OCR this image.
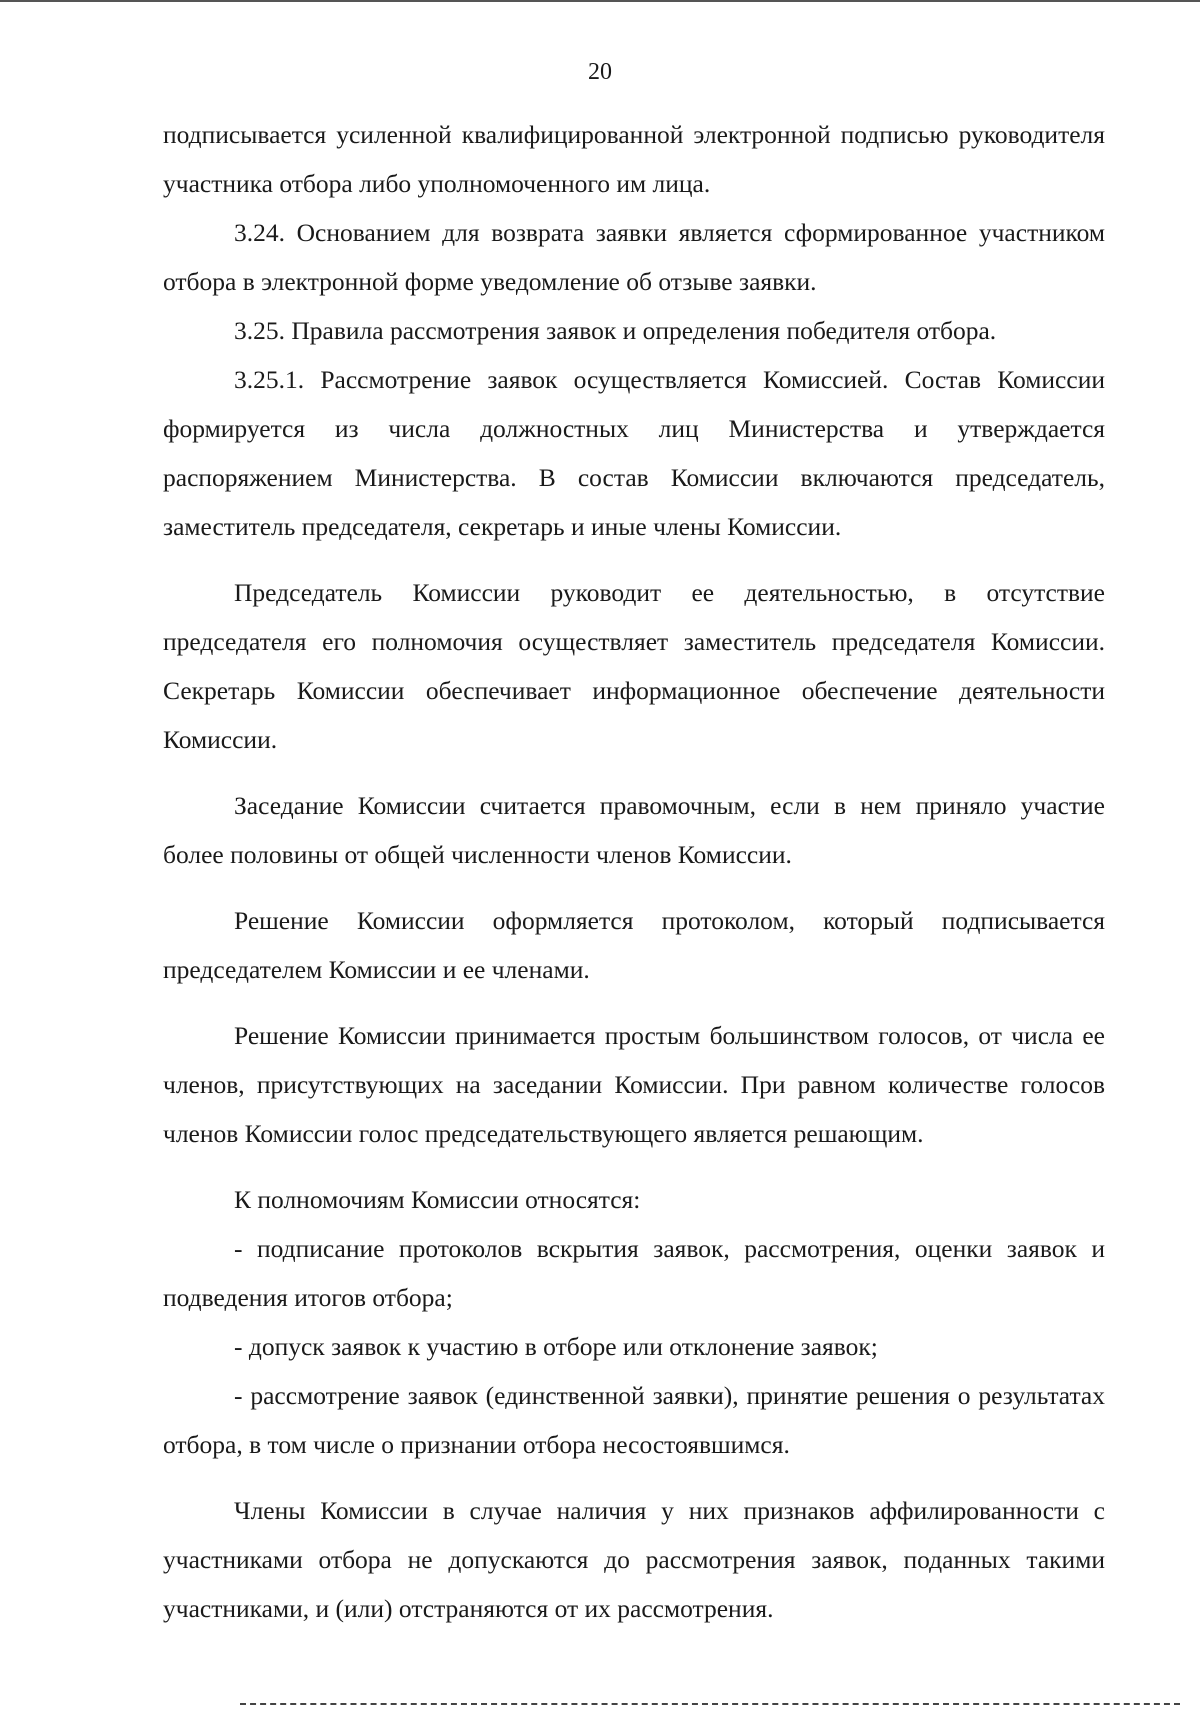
20

подписывается усиленной квалифицированной электронной подписью руководителя участника отбора либо уполномоченного им лица.

3.24. Основанием для возврата заявки является сформированное участником отбора в электронной форме уведомление об отзыве заявки.

3.25. Правила рассмотрения заявок и определения победителя отбора.

3.25.1. Рассмотрение заявок осуществляется Комиссией. Состав Комиссии формируется из числа должностных лиц Министерства и утверждается распоряжением Министерства. В состав Комиссии включаются председатель, заместитель председателя, секретарь и иные члены Комиссии.

Председатель Комиссии руководит ее деятельностью, в отсутствие председателя его полномочия осуществляет заместитель председателя Комиссии. Секретарь Комиссии обеспечивает информационное обеспечение деятельности Комиссии.

Заседание Комиссии считается правомочным, если в нем приняло участие более половины от общей численности членов Комиссии.

Решение Комиссии оформляется протоколом, который подписывается председателем Комиссии и ее членами.

Решение Комиссии принимается простым большинством голосов, от числа ее членов, присутствующих на заседании Комиссии. При равном количестве голосов членов Комиссии голос председательствующего является решающим.

К полномочиям Комиссии относятся:

- подписание протоколов вскрытия заявок, рассмотрения, оценки заявок и подведения итогов отбора;

- допуск заявок к участию в отборе или отклонение заявок;

- рассмотрение заявок (единственной заявки), принятие решения о результатах отбора, в том числе о признании отбора несостоявшимся.

Члены Комиссии в случае наличия у них признаков аффилированности с участниками отбора не допускаются до рассмотрения заявок, поданных такими участниками, и (или) отстраняются от их рассмотрения.
